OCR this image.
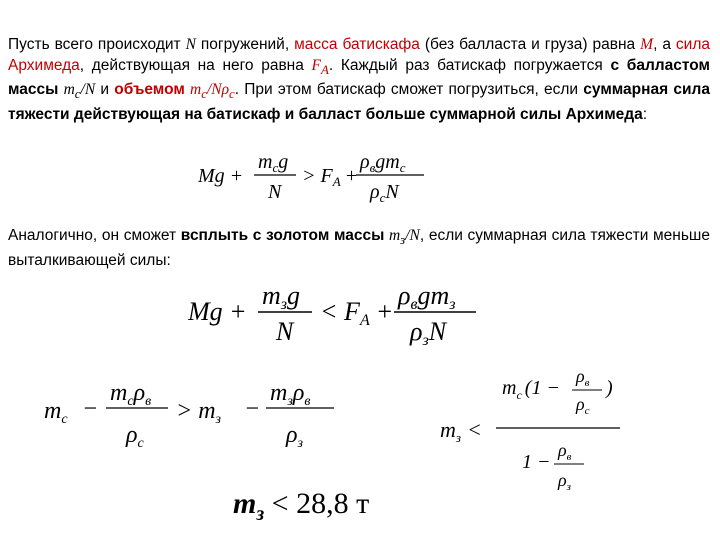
Пусть всего происходит N погружений, масса батискафа (без балласта и груза) равна M, а сила Архимеда, действующая на него равна $F_A$. Каждый раз батискаф погружается с балластом массы $m_с/N$ и объемом $m_с/N\rho_с$. При этом батискаф сможет погрузиться, если суммарная сила тяжести действующая на батискаф и балласт больше суммарной силы Архимеда:

Mg +
$m_cg$
N
> $F_A$ +
$\rho_вgm_c$
$\rho_cN$

Аналогично, он сможет всплыть с золотом массы $m_з/N$, если суммарная сила тяжести меньше выталкивающей силы:

Mg +
mзg
N
< FA +
ρвgmз
ρзN
$m_c$ −
$m_c\rho_в$
$\rho_с$
> $m_з$ −
$m_з\rho_в$
$\rho_з$
$m_з$ <
$m_c$ (1 −
$\rho_в$
$\rho_c$
)
1 −
$\rho_в$
$\rho_з$
$m_з < 28,8$ т
